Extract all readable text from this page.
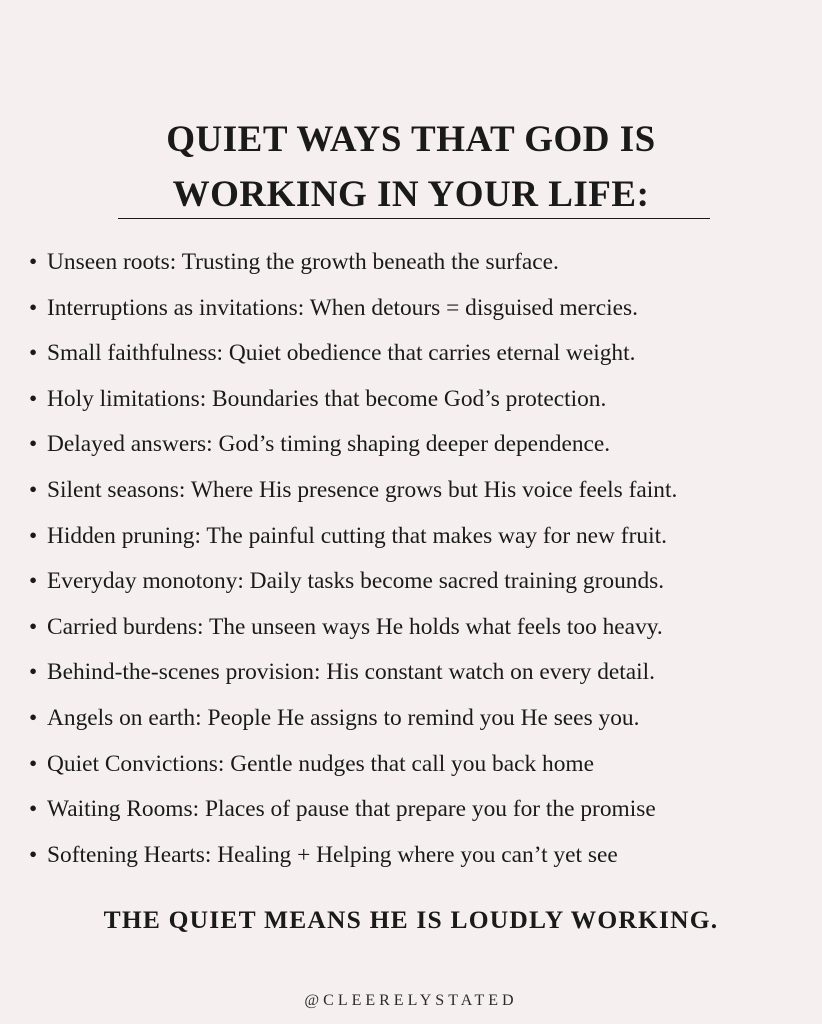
QUIET WAYS THAT GOD IS
WORKING IN YOUR LIFE:
• Unseen roots: Trusting the growth beneath the surface.
• Interruptions as invitations: When detours = disguised mercies.
• Small faithfulness: Quiet obedience that carries eternal weight.
• Holy limitations: Boundaries that become God’s protection.
• Delayed answers: God’s timing shaping deeper dependence.
• Silent seasons: Where His presence grows but His voice feels faint.
• Hidden pruning: The painful cutting that makes way for new fruit.
• Everyday monotony: Daily tasks become sacred training grounds.
• Carried burdens: The unseen ways He holds what feels too heavy.
• Behind-the-scenes provision: His constant watch on every detail.
• Angels on earth: People He assigns to remind you He sees you.
• Quiet Convictions: Gentle nudges that call you back home
• Waiting Rooms: Places of pause that prepare you for the promise
• Softening Hearts: Healing + Helping where you can’t yet see
THE QUIET MEANS HE IS LOUDLY WORKING.
@CLEERELYSTATED
